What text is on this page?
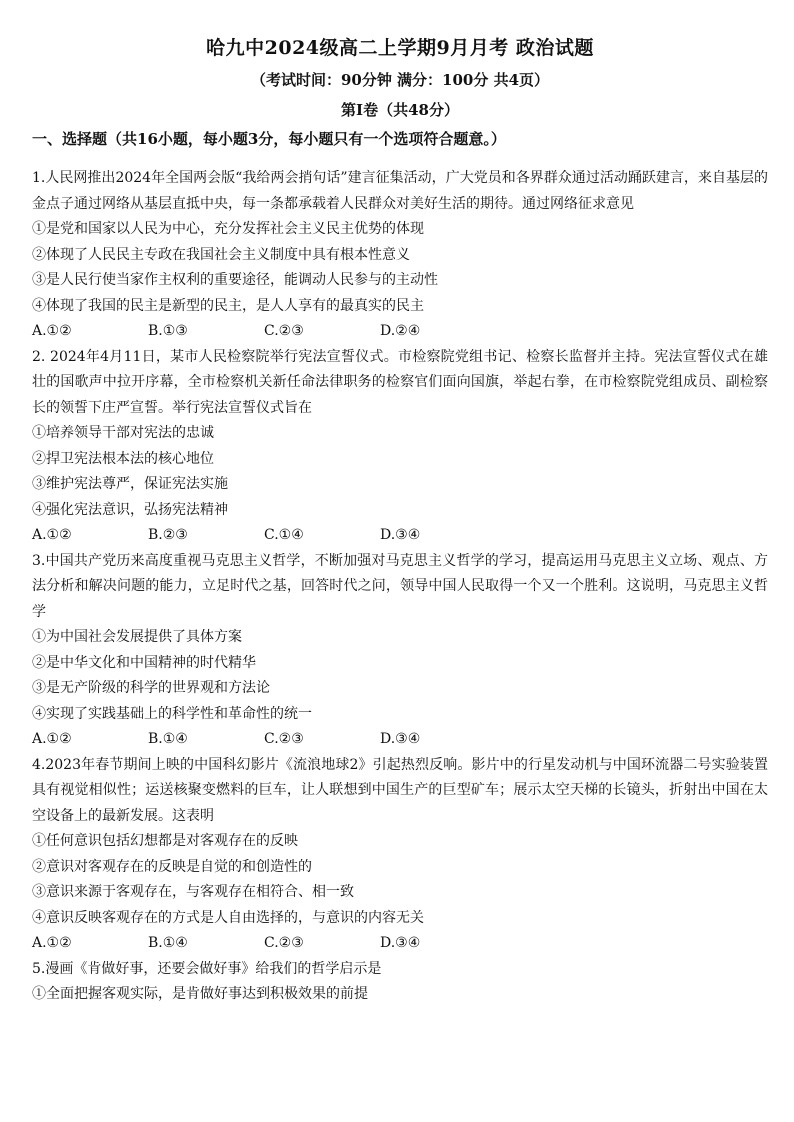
哈九中2024级高二上学期9月月考 政治试题

（考试时间：90分钟 满分：100分 共4页）

第Ⅰ卷（共48分）

一、选择题（共16小题，每小题3分，每小题只有一个选项符合题意。）

1.人民网推出2024年全国两会版“我给两会捎句话”建言征集活动，广大党员和各界群众通过活动踊跃建言，来自基层的金点子通过网络从基层直抵中央，每一条都承载着人民群众对美好生活的期待。通过网络征求意见

①是党和国家以人民为中心，充分发挥社会主义民主优势的体现

②体现了人民民主专政在我国社会主义制度中具有根本性意义

③是人民行使当家作主权利的重要途径，能调动人民参与的主动性

④体现了我国的民主是新型的民主，是人人享有的最真实的民主

A.①②	B.①③	C.②③	D.②④

2. 2024年4月11日，某市人民检察院举行宪法宣誓仪式。市检察院党组书记、检察长监督并主持。宪法宣誓仪式在雄壮的国歌声中拉开序幕，全市检察机关新任命法律职务的检察官们面向国旗，举起右拳，在市检察院党组成员、副检察长的领誓下庄严宣誓。举行宪法宣誓仪式旨在

①培养领导干部对宪法的忠诚

②捍卫宪法根本法的核心地位

③维护宪法尊严，保证宪法实施

④强化宪法意识，弘扬宪法精神

A.①②	B.②③	C.①④	D.③④

3.中国共产党历来高度重视马克思主义哲学，不断加强对马克思主义哲学的学习，提高运用马克思主义立场、观点、方法分析和解决问题的能力，立足时代之基，回答时代之问，领导中国人民取得一个又一个胜利。这说明，马克思主义哲学

①为中国社会发展提供了具体方案

②是中华文化和中国精神的时代精华

③是无产阶级的科学的世界观和方法论

④实现了实践基础上的科学性和革命性的统一

A.①②	B.①④	C.②③	D.③④

4.2023年春节期间上映的中国科幻影片《流浪地球2》引起热烈反响。影片中的行星发动机与中国环流器二号实验装置具有视觉相似性；运送核聚变燃料的巨车，让人联想到中国生产的巨型矿车；展示太空天梯的长镜头，折射出中国在太空设备上的最新发展。这表明

①任何意识包括幻想都是对客观存在的反映

②意识对客观存在的反映是自觉的和创造性的

③意识来源于客观存在，与客观存在相符合、相一致

④意识反映客观存在的方式是人自由选择的，与意识的内容无关

A.①②	B.①④	C.②③	D.③④

5.漫画《肯做好事，还要会做好事》给我们的哲学启示是

①全面把握客观实际，是肯做好事达到积极效果的前提
